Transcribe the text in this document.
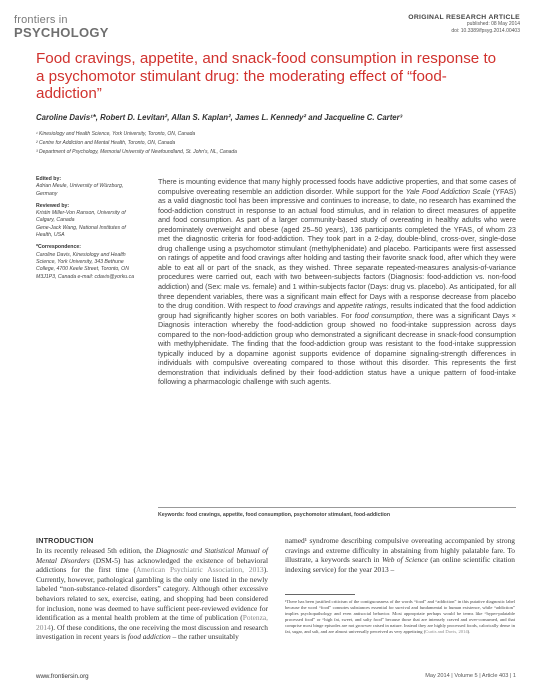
frontiers in
PSYCHOLOGY
ORIGINAL RESEARCH ARTICLE
published: 08 May 2014
doi: 10.3389/fpsyg.2014.00403
Food cravings, appetite, and snack-food consumption in response to a psychomotor stimulant drug: the moderating effect of “food-addiction”
Caroline Davis¹*, Robert D. Levitan², Allan S. Kaplan², James L. Kennedy² and Jacqueline C. Carter³
¹ Kinesiology and Health Science, York University, Toronto, ON, Canada
² Centre for Addiction and Mental Health, Toronto, ON, Canada
³ Department of Psychology, Memorial University of Newfoundland, St. John's, NL, Canada

Edited by:
Adrian Meule, University of Würzburg, Germany

Reviewed by:
Kristin Miller-Von Ranson, University of Calgary, Canada
Gene-Jack Wang, National Institutes of Health, USA

*Correspondence:
Caroline Davis, Kinesiology and Health Science, York University, 343 Bethune College, 4700 Keele Street, Toronto, ON M3J1P3, Canada e-mail: cdavis@yorku.ca

There is mounting evidence that many highly processed foods have addictive properties, and that some cases of compulsive overeating resemble an addiction disorder. While support for the Yale Food Addiction Scale (YFAS) as a valid diagnostic tool has been impressive and continues to increase, to date, no research has examined the food-addiction construct in response to an actual food stimulus, and in relation to direct measures of appetite and food consumption. As part of a larger community-based study of overeating in healthy adults who were predominately overweight and obese (aged 25–50 years), 136 participants completed the YFAS, of whom 23 met the diagnostic criteria for food-addiction. They took part in a 2-day, double-blind, cross-over, single-dose drug challenge using a psychomotor stimulant (methylphenidate) and placebo. Participants were first assessed on ratings of appetite and food cravings after holding and tasting their favorite snack food, after which they were able to eat all or part of the snack, as they wished. Three separate repeated-measures analysis-of-variance procedures were carried out, each with two between-subjects factors (Diagnosis: food-addiction vs. non-food addiction) and (Sex: male vs. female) and 1 within-subjects factor (Days: drug vs. placebo). As anticipated, for all three dependent variables, there was a significant main effect for Days with a response decrease from placebo to the drug condition. With respect to food cravings and appetite ratings, results indicated that the food addiction group had significantly higher scores on both variables. For food consumption, there was a significant Days × Diagnosis interaction whereby the food-addiction group showed no food-intake suppression across days compared to the non-food-addiction group who demonstrated a significant decrease in snack-food consumption with methylphenidate. The finding that the food-addiction group was resistant to the food-intake suppression typically induced by a dopamine agonist supports evidence of dopamine signaling-strength differences in individuals with compulsive overeating compared to those without this disorder. This represents the first demonstration that individuals defined by their food-addiction status have a unique pattern of food-intake following a pharmacologic challenge with such agents.
Keywords: food cravings, appetite, food consumption, psychomotor stimulant, food-addiction
INTRODUCTION
In its recently released 5th edition, the Diagnostic and Statistical Manual of Mental Disorders (DSM-5) has acknowledged the existence of behavioral addictions for the first time (American Psychiatric Association, 2013). Currently, however, pathological gambling is the only one listed in the newly labeled “non-substance-related disorders” category. Although other excessive behaviors related to sex, exercise, eating, and shopping had been considered for inclusion, none was deemed to have sufficient peer-reviewed evidence for identification as a mental health problem at the time of publication (Potenza, 2014). Of these conditions, the one receiving the most discussion and research investigation in recent years is food addiction – the rather unsuitably
named¹ syndrome describing compulsive overeating accompanied by strong cravings and extreme difficulty in abstaining from highly palatable fare. To illustrate, a keywords search in Web of Science (an online scientific citation indexing service) for the year 2013 –
¹There has been justified criticism of the contiguousness of the words “food” and “addiction” in this putative diagnostic label because the word “food” connotes substances essential for survival and fundamental to human existence, while “addiction” implies psychopathology and even antisocial behavior. Most appropriate perhaps would be terms like “hyper-palatable processed food” or “high fat, sweet, and salty food” because those that are intensely craved and over-consumed, and that comprise most binge episodes are not growwer raised in nature. Instead they are highly processed foods, calorically dense in fat, sugar, and salt, and are almost universally perceived as very appetizing (Curtis and Davis, 2014).
www.frontiersin.org	May 2014 | Volume 5 | Article 403 | 1
